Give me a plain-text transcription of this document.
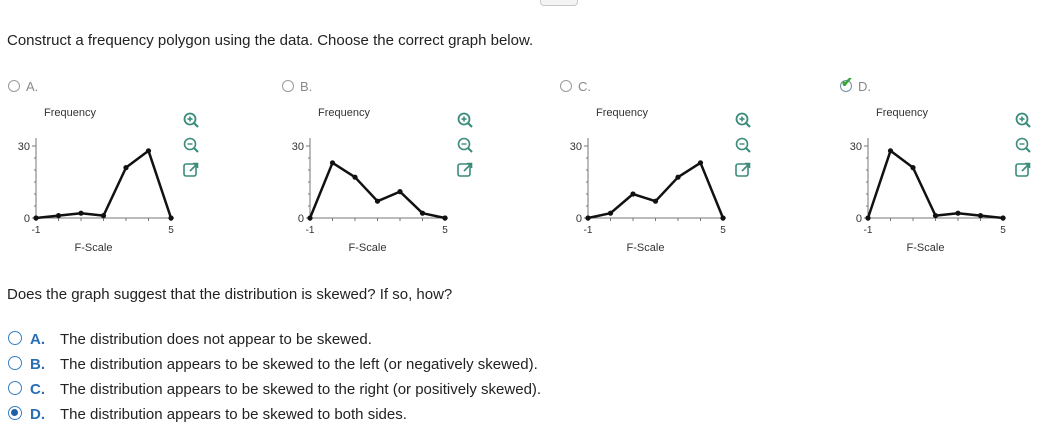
Construct a frequency polygon using the data. Choose the correct graph below.
A.
Frequency
30
0
-1	5
F-Scale
B.
Frequency
30
0
-1	5
F-Scale
C.
Frequency
30
0
-1	5
F-Scale
✔ D.
Frequency
30
0
-1	5
F-Scale
Does the graph suggest that the distribution is skewed? If so, how?
A. The distribution does not appear to be skewed.
B. The distribution appears to be skewed to the left (or negatively skewed).
C. The distribution appears to be skewed to the right (or positively skewed).
D. The distribution appears to be skewed to both sides.
